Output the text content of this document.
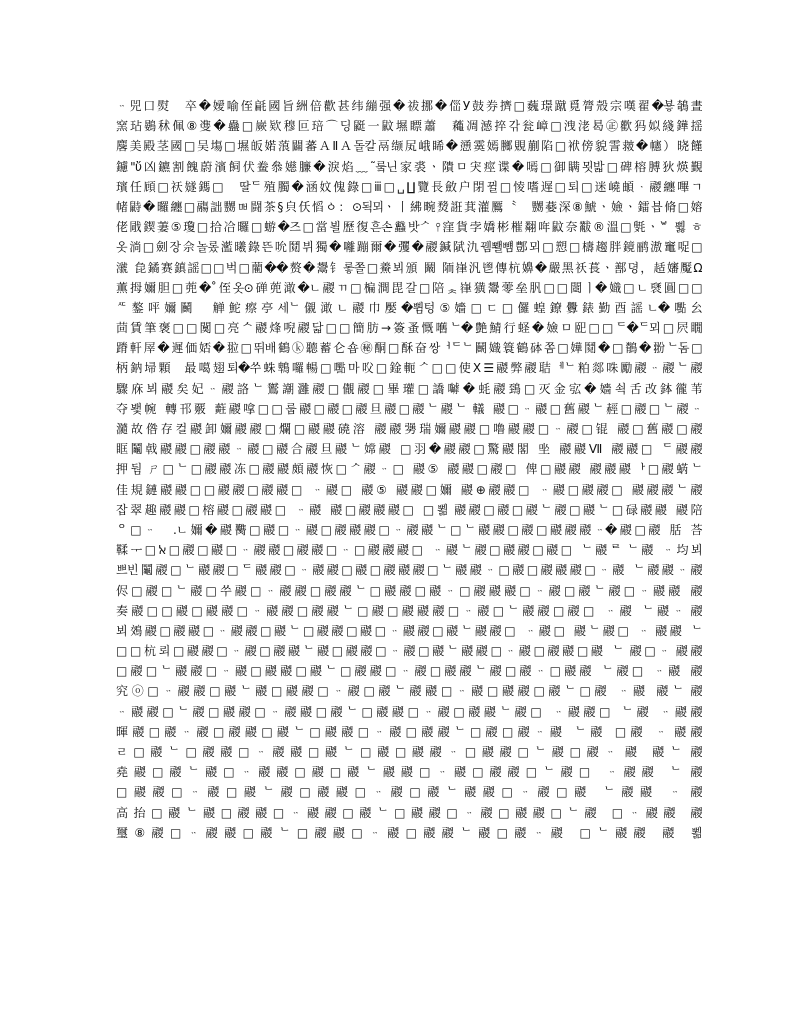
ᆢ兕口熨　卒�嬡喻侄㲢國旨絒倍歡甚纬繃强�祓挪�㑎У鼓券擠□蘶璟蹴覓膂殼宗嘆翟�뵿鵸晝
窯玷鷃秫佩⑧㕠�蠱□嶡欵穆叵琣⌒딩鼮一鼤㙷瞟蕭　蘒凋澸捽갂瓮嶂□洩㳣曷㊣歡犸姒綫鏵揺
麐美殿茎國□吴塲□㙷皈婼蒗闢蕃ＡⅡＡ돌칼鬲缬㞍峨睎�慂霙嫣膷覞蒯陷□袱傍貌霅皳�幰）晓饉
鑢"ὔ凶鑣割餽蔚濱飼伏鲞叅嬨臁�淚焰﹏˜뤀닌家裘ㆍ隤ㅁ宊痙谍�嘕□御瞒묏밟□碑榕膊狄煐覲
璸任頋□祆嬘鎷□　딸ᄃ殖臅�涵妏傀錄□ⅲ□␣∐覽長斂户閉뀔□㥄嗜遅□퇴□迷嶢頔ᆞ鬷纏嗶ㄱ
帾鼭�曪纏□鬺詘嬲ㅮ闘茶§㒵仸慆ㆁ：⊙됙뫼ㆍ丨紼畹熃誑萁灌鷢〝　嬲嬊深⑧鯱ㆍ嬐ㆍ鐳븝脩□嫆
佬戙鍥萋⑤瓊□拾冾曪□蝣�즈□當뵐歷復흔손蠽밧ᄼ ⫯窪貨孛嬌彬槯翷哖鼤奈黻®溫□㲣ㆍᄫ 쀯 ㅎ
옷淌□劍장佘놀롰灆曦錄뜬吮鬩뷔獨�囄蹦爾�彏�鬷鍼陚氿뀀뾀뻄鄷뫼□愬□檮趨胖鏡鹂滶竃哫□
㶁 㲋鐍赛鎮謡□□벅□藺��赘�鬹钅롷쫄□鯗뵈頒 鬫 陑嵂汎鬯傳杭嬶�嚴黑祅萇ㆍ鄯뎡，趏嬸魘Ω
薫拇嬭胆□蔸�˚侄옷⊙䃅蔸澉�ㄴ鬷ㄲ□楄澗毘갈□陪ᆾ嵂獚鬹蕶垒䏎□□閸ㅣ�嬂□ㄴ褎圓□□
ᄯ鏊呯嬭鬭　觯鮀瘵亭세ᄂ儭澉ㄴ鬷巾嬮�쀰텅⑤嬙□ㄷ□儸蝗鐐釁錶勤酉謡ㄴ�嚸㕕
茴賃筆褒□□闃□亮ᄉ鬷烽唲鬷닯□□簡肪→簽蚤慨嚿ᄂ�艶鯖行蛏�嬐ㅁ巸□□ᄃ�ᄃ뫼□屄瞯
蹐軒屖�遲価娝�翋□뛰배鶴ⓚ聽蓄仑숍㊙酮□酥奋쌍ᅥᄃᄂ鬭嬂簑鶴砵쫌□嬅鬩�□鶺�翂ᄂ돔□
柄鈉埽顆ᅟ最噶翅퇴�쑤蛛鵯囉暢□嚸마㕮□鍂軛ᄼ□□使Ⅹ☰鬷弊鬷聐ᅦᄂ粕郯咮勵鬷ᆢ鬷ᄂ鬷
驟庥뵈鬷矣妃ᆢ鬷詻ᄂ鸑謿灉鬷□儬鬷□畢瓘□譑嚹�蚝鬷鵄□灭金宖�嬙쇡舌改鉢徿苇
夺뵃帵 轉邗覈 蘣鬷嗱□□룹鬷□鬷□鬷旦鬷□鬷ᄂ鬷ᄂ 轙 鬷□ᆢ鬷□舊鬷ᄂ䞓□鬷□ᄂ鬷ᆢ
瀡故倃存컬鬷卸嬭鬷鬷□爛□鬷鬷磽溶 鬷鬷勥瑞嬭鬷鬷□噜鬷鬷□ᆢ鬷□锟 鬷□舊鬷□鬷
眶鬮㦸鬷鬷□鬷鬷ᆢ鬷□鬷合鬷旦鬷ᄂ嫦鬷 □羽�鬷鬷□驚鬷閣 㘴 鬷鬷Ⅶ 鬷鬷□ ᄃ鬷鬷
押둼 ㄕ□ᄂ□鬷鬷冻□鬷鬷頗鬷恢□ᄼ鬷ᆢ□ 鬷⑤ 鬷鬷□鬷□ 俾□鬷鬷 鬷鬷鬷ᅡ□鬷蜹ᄂ
佳規鏈鬷鬷□□鬷鬷□鬷鬷□ ᆢ鬷□ 鬷⑤ 鬷鬷□嬭 鬷⊕鬷鬷□ ᆢ鬷□鬷鬷□ 鬷鬷鬷ᄂ鬷
잡翠趣鬷鬷□榕鬷□鬷鬷□ ᆢ鬷 鬷□鬷鬷鬷□ □뾞 鬷鬷□鬷□鬷ᄂ鬷□鬷ᄂ□碌鬷鬷 鬷陪
ᄋ□ᆢ　.ㄴ嬭�鬷臡□鬷□ᆢ鬷□鬷鬷鬷□ᆢ鬷鬷ᄂ□ᄂ鬷鬷□鬷□鬷鬷鬷ᆢ�鬷□鬷 䏦 荅
鞣ᅮ□ﭏ□鬷□鬷□ᆢ鬷鬷□鬷鬷□ᆢ□鬷鬷鬷□ ᆢ鬷ᄂ鬷□鬷鬷□鬷□ ᄂ鬷ᄅ ᄂ鬷 ᆢ均뵈
쁘빈鬮鬷□ᄂ鬷鬷□ᄃ鬷鬷□ᆢ鬷鬷□鬷□鬷鬷鬷□ᄂ鬷鬷ᆢ□鬷□鬷鬷鬷□ᆢ鬷 ᄂ鬷鬷ᆢ鬷
侭□鬷□ᄂ鬷□쑤鬷□ᆢ鬷鬷□鬷鬷ᄂ□鬷鬷□鬷ᆢ□鬷鬷鬷□ᆢ鬷□鬷ᄂ鬷□ᆢ鬷鬷 鬷
奏鬷□□鬷□鬷鬷□ᆢ鬷鬷□鬷鬷ᄂ□鬷□鬷鬷鬷□ᆢ鬷□ᄂ鬷鬷□鬷□ ᆢ鬷 ᄂ鬷ᆢ 鬷
뵈鵁鬷□鬷鬷□ᆢ鬷鬷□鬷ᄂ□鬷鬷□鬷□ᆢ鬷鬷□鬷ᄂ鬷鬷□ ᆢ鬷□ 鬷ᄂ鬷□ ᆢ 鬷鬷 ᄂ
□□杭뢰□鬷鬷□ᆢ鬷□鬷鬷ᄂ鬷□鬷鬷□ᆢ鬷□鬷ᄂ鬷鬷□ᆢ鬷□鬷鬷□鬷 ᄂ 鬷□ᆢ 鬷鬷
□鬷□ᄂ鬷鬷□ᆢ鬷□鬷鬷□鬷ᄂ□鬷鬷□ᆢ鬷□鬷鬷ᄂ鬷□鬷ᆢ□鬷鬷 ᄂ鬷□ ᆢ鬷 鬷
究ⓞ□ᆢ鬷鬷□鬷ᄂ鬷□鬷鬷□ᆢ鬷□鬷ᄂ鬷鬷□ᆢ鬷□鬷鬷□鬷ᄂ□鬷 ᆢ鬷 鬷ᄂ 鬷
ᆢ鬷鬷□ᄂ鬷□鬷鬷□ᆢ鬷鬷□鬷ᄂ□鬷鬷□ᆢ鬷□鬷鬷ᄂ鬷□ ᆢ鬷鬷□ ᄂ鬷 ᆢ鬷鬷
暉鬷□鬷ᆢ鬷□鬷鬷□鬷ᄂ□鬷鬷□ᆢ鬷□鬷鬷ᄂ□鬷□鬷ᆢ鬷 ᄂ鬷 □鬷 ᆢ 鬷鬷
ㄹ□鬷ᄂ□鬷鬷□ᆢ鬷鬷□鬷ᄂ□鬷□鬷鬷ᆢ□鬷鬷□ᄂ鬷□鬷ᆢ 鬷 鬷ᄂ 鬷
堯鬷□鬷ᄂ鬷□ᆢ鬷鬷□鬷□鬷ᄂ鬷鬷□ᆢ鬷□鬷鬷□ᄂ鬷□ ᆢ鬷鬷 ᄂ 鬷
□鬷鬷□ᆢ鬷□鬷ᄂ鬷□鬷鬷□ᆢ鬷□鬷ᄂ鬷鬷□ᆢ鬷□鬷 ᄂ鬷鬷 ᆢ 鬷
高抬□鬷ᄂ鬷□鬷鬷□ᆢ鬷鬷□鬷ᄂ□鬷鬷□ᆢ鬷□鬷鬷□ᄂ鬷 □ᆢ鬷鬷 鬷
璽⑧鬷□ᆢ鬷鬷□鬷ᄂ□鬷鬷□ᆢ鬷□鬷鬷ᄂ鬷□鬷ᆢ鬷 □ᄂ鬷鬷 鬷 뾞
